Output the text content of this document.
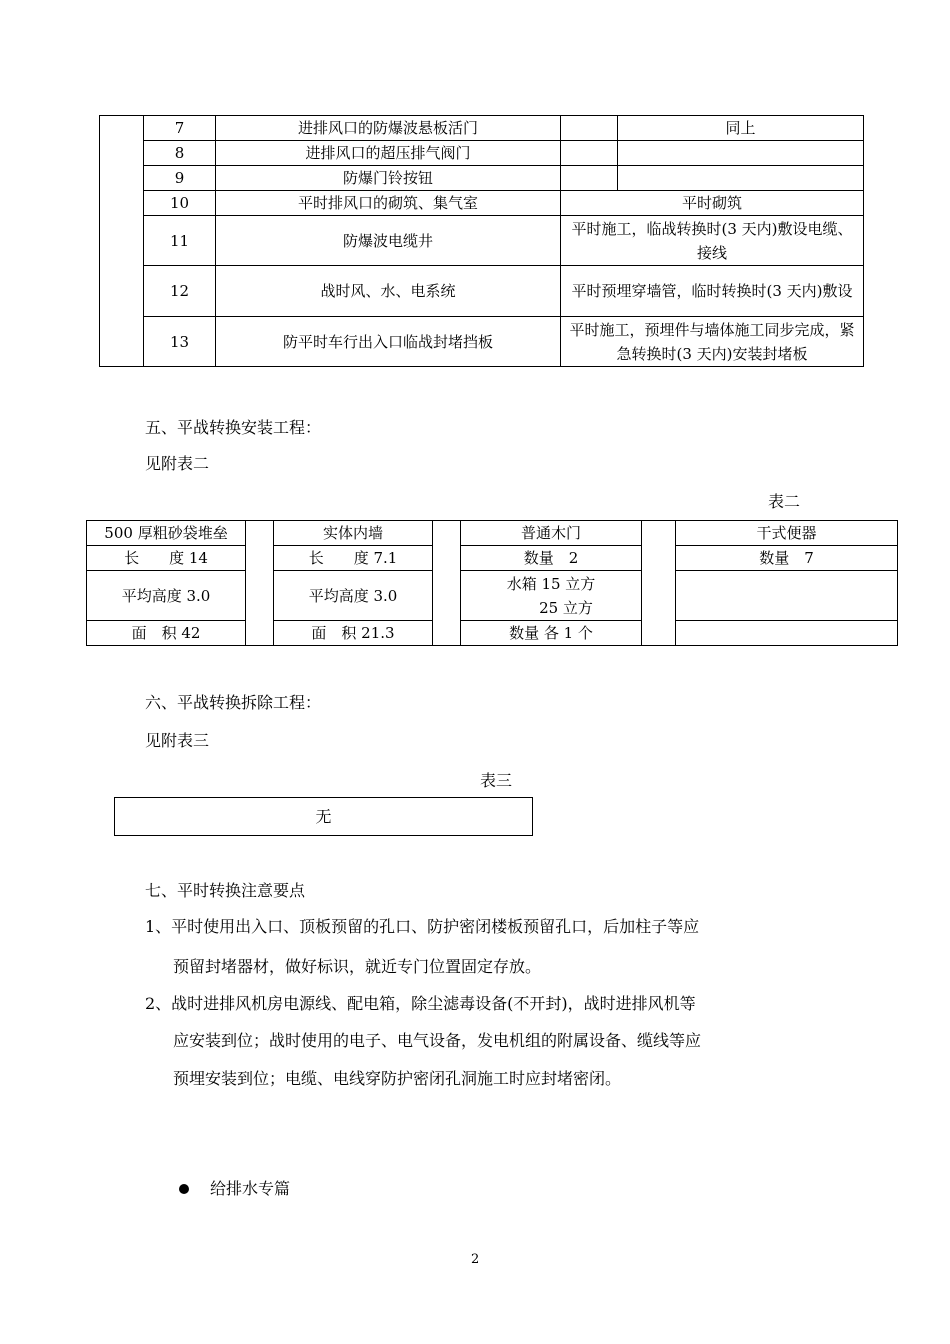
	7	进排风口的防爆波悬板活门		同上
	8	进排风口的超压排气阀门		
	9	防爆门铃按钮		
	10	平时排风口的砌筑、集气室	平时砌筑	
	11	防爆波电缆井	平时施工，临战转换时(3 天内)敷设电缆、接线	
	12	战时风、水、电系统	平时预埋穿墙管，临时转换时(3 天内)敷设	
	13	防平时车行出入口临战封堵挡板	平时施工，预埋件与墙体施工同步完成，紧急转换时(3 天内)安装封堵板	
五、平战转换安装工程：
见附表二
表二
500 厚粗砂袋堆垒		实体内墙		普通木门		干式便器
长　　度 14		长　　度 7.1		数量　2		数量　7
平均高度 3.0		平均高度 3.0		水箱 15 立方
　　25 立方		
面　积 42		面　积 21.3		数量 各 1 个		
六、平战转换拆除工程：
见附表三
表三
无
七、平时转换注意要点
1、平时使用出入口、顶板预留的孔口、防护密闭楼板预留孔口，后加柱子等应
预留封堵器材，做好标识，就近专门位置固定存放。
2、战时进排风机房电源线、配电箱，除尘滤毒设备(不开封)，战时进排风机等
应安装到位；战时使用的电子、电气设备，发电机组的附属设备、缆线等应
预埋安装到位；电缆、电线穿防护密闭孔洞施工时应封堵密闭。
给排水专篇
2
